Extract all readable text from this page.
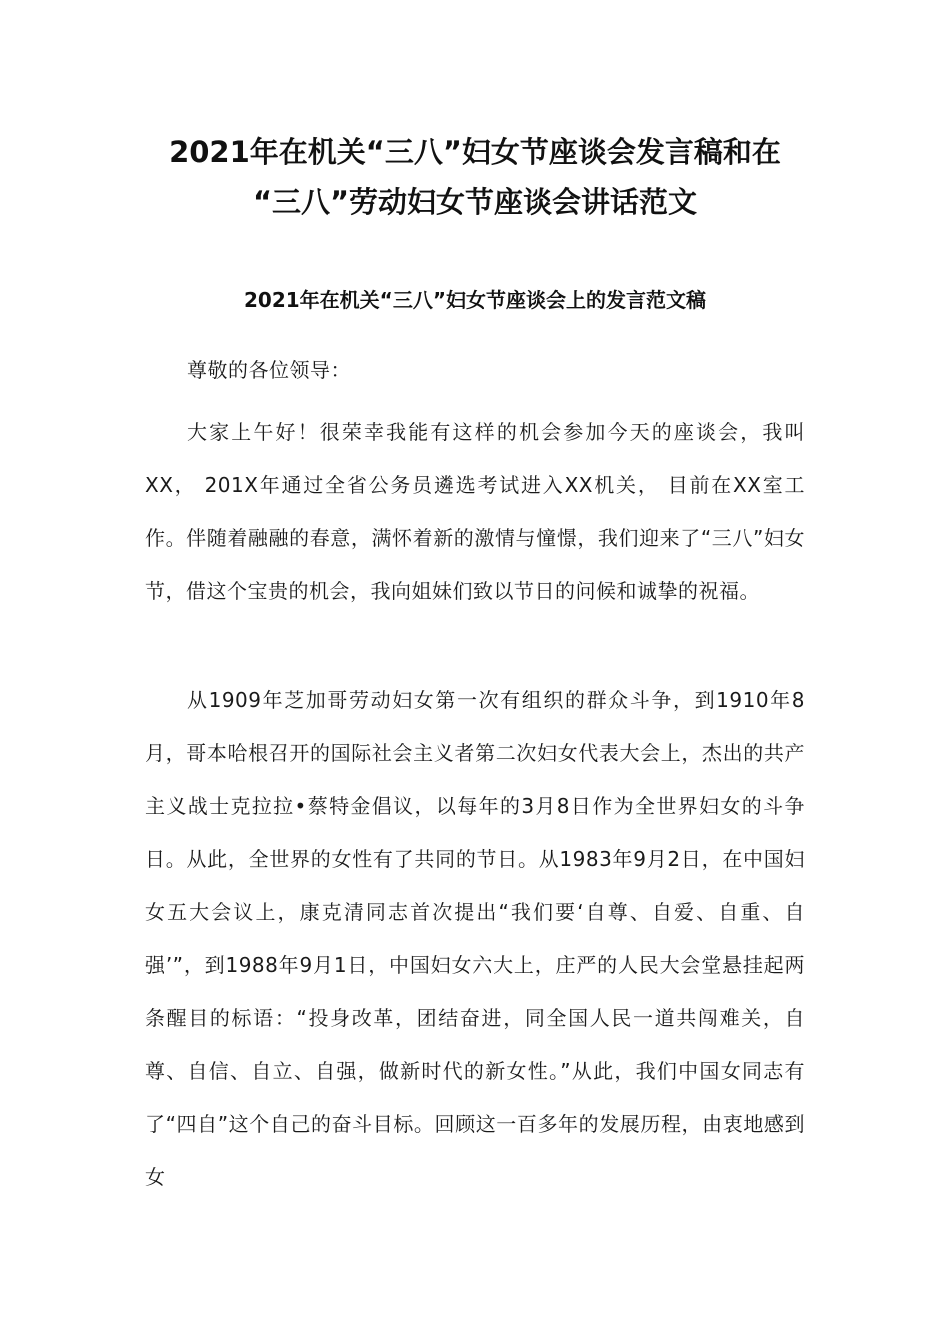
2021年在机关“三八”妇女节座谈会发言稿和在
“三八”劳动妇女节座谈会讲话范文
2021年在机关“三八”妇女节座谈会上的发言范文稿
尊敬的各位领导：
大家上午好！很荣幸我能有这样的机会参加今天的座谈会，我叫XX， 201X年通过全省公务员遴选考试进入XX机关， 目前在XX室工作。伴随着融融的春意，满怀着新的激情与憧憬，我们迎来了“三八”妇女节，借这个宝贵的机会，我向姐妹们致以节日的问候和诚挚的祝福。
从1909年芝加哥劳动妇女第一次有组织的群众斗争，到1910年8月，哥本哈根召开的国际社会主义者第二次妇女代表大会上，杰出的共产主义战士克拉拉•蔡特金倡议，以每年的3月8日作为全世界妇女的斗争日。从此，全世界的女性有了共同的节日。从1983年9月2日，在中国妇女五大会议上，康克清同志首次提出“我们要‘自尊、自爱、自重、自强’”，到1988年9月1日，中国妇女六大上，庄严的人民大会堂悬挂起两条醒目的标语：“投身改革，团结奋进，同全国人民一道共闯难关，自尊、自信、自立、自强，做新时代的新女性。”从此，我们中国女同志有了“四自”这个自己的奋斗目标。回顾这一百多年的发展历程，由衷地感到女
